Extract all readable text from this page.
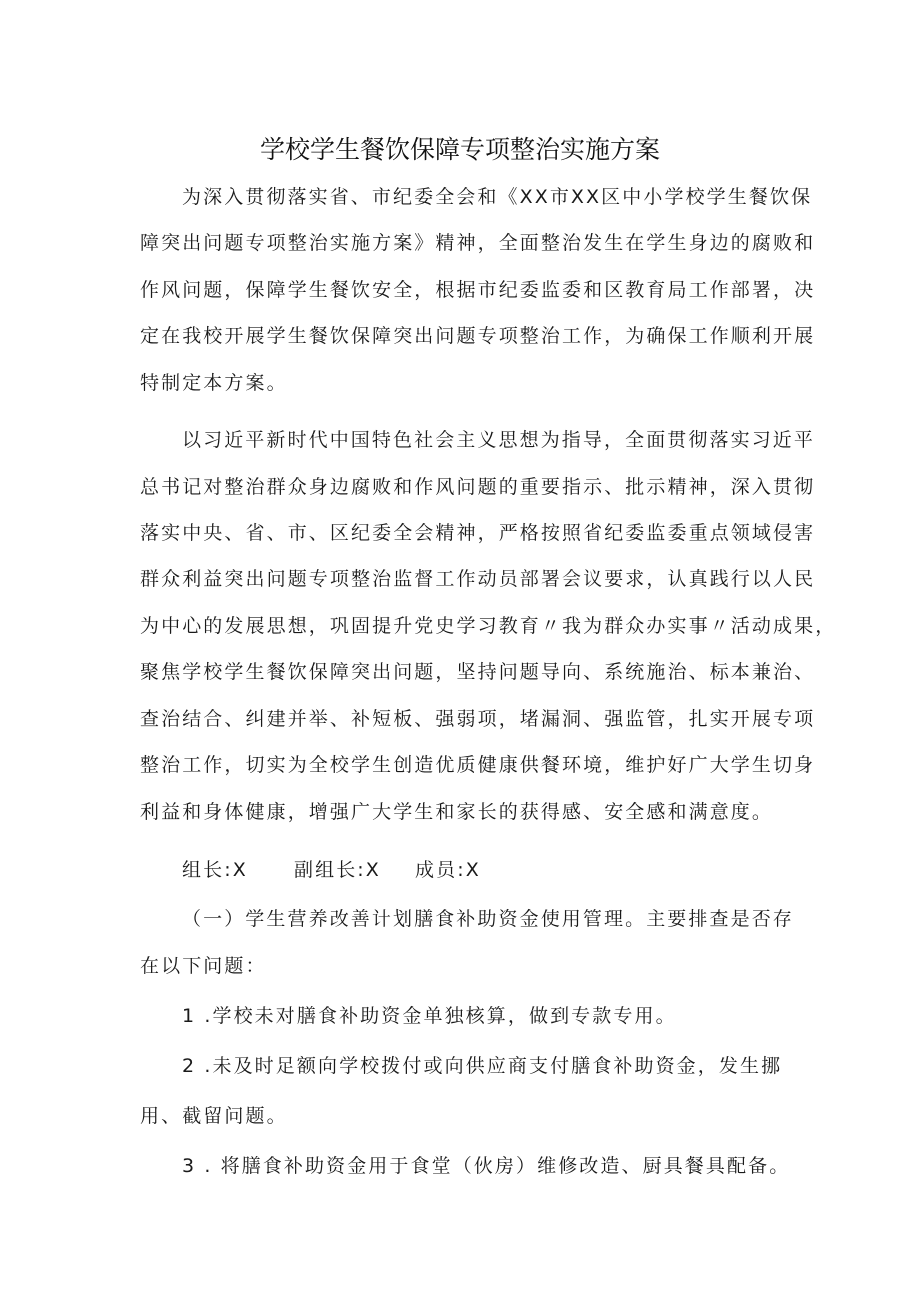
学校学生餐饮保障专项整治实施方案
为深入贯彻落实省、市纪委全会和《XX市XX区中小学校学生餐饮保
障突出问题专项整治实施方案》精神，全面整治发生在学生身边的腐败和
作风问题，保障学生餐饮安全，根据市纪委监委和区教育局工作部署，决
定在我校开展学生餐饮保障突出问题专项整治工作，为确保工作顺利开展
特制定本方案。
以习近平新时代中国特色社会主义思想为指导，全面贯彻落实习近平
总书记对整治群众身边腐败和作风问题的重要指示、批示精神，深入贯彻
落实中央、省、市、区纪委全会精神，严格按照省纪委监委重点领域侵害
群众利益突出问题专项整治监督工作动员部署会议要求，认真践行以人民
为中心的发展思想，巩固提升党史学习教育〃我为群众办实事〃活动成果，
聚焦学校学生餐饮保障突出问题，坚持问题导向、系统施治、标本兼治、
查治结合、纠建并举、补短板、强弱项，堵漏洞、强监管，扎实开展专项
整治工作，切实为全校学生创造优质健康供餐环境，维护好广大学生切身
利益和身体健康，增强广大学生和家长的获得感、安全感和满意度。
组长:X 副组长:X 成员:X
（一）学生营养改善计划膳食补助资金使用管理。主要排查是否存
在以下问题：
1 .学校未对膳食补助资金单独核算，做到专款专用。
2 .未及时足额向学校拨付或向供应商支付膳食补助资金，发生挪
用、截留问题。
3 . 将膳食补助资金用于食堂（伙房）维修改造、厨具餐具配备。
